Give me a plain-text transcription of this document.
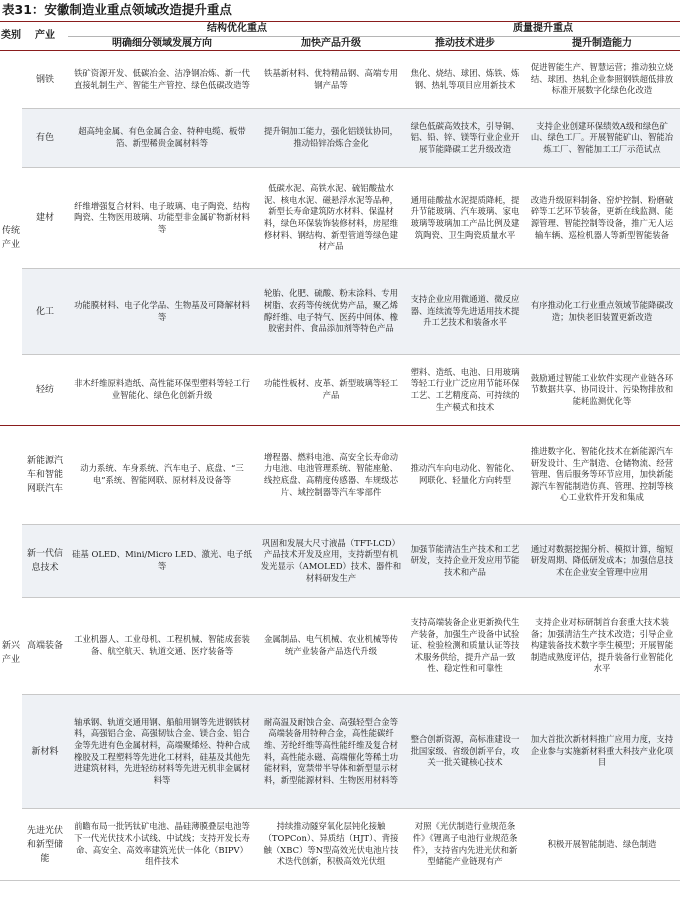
表31：安徽制造业重点领域改造提升重点
类别	产业	结构优化重点		质量提升重点	
		明确细分领域发展方向	加快产品升级	推动技术进步	提升制造能力
传统产业	钢铁	铁矿资源开发、低碳冶金、洁净钢冶炼、新一代直接轧制生产、智能生产管控、绿色低碳改造等	铁基新材料、优特精品钢、高端专用钢产品等	焦化、烧结、球团、炼铁、炼钢、热轧等项目应用新技术	促进智能生产、智慧运营；推动独立烧结、球团、热轧企业参照钢铁超低排放标准开展数字化绿色化改造
	有色	超高纯金属、有色金属合金、特种电缆、板带箔、新型稀贵金属材料等	提升铜加工能力，强化铝镁钛协同，推动铅锌冶炼合金化	绿色低碳高效技术，引导铜、铝、铅、锌、镁等行业企业开展节能降碳工艺升级改造	支持企业创建环保绩效A级和绿色矿山、绿色工厂。开展智能矿山、智能冶炼工厂、智能加工工厂示范试点
	建材	纤维增强复合材料、电子玻璃、电子陶瓷、结构陶瓷、生物医用玻璃、功能型非金属矿物新材料等	低碳水泥、高铁水泥、硫铝酸盐水泥、核电水泥、磁悬浮水泥等品种，新型长寿命建筑防水材料、保温材料，绿色环保装饰装修材料，房屋维修材料、钢结构、新型管道等绿色建材产品	通用硅酸盐水泥提质降耗，提升节能玻璃、汽车玻璃、家电玻璃等玻璃加工产品比例及建筑陶瓷、卫生陶瓷质量水平	改造升级原料制备、窑炉控制、粉磨破碎等工艺环节装备，更新在线监测、能源管理、智能控制等设备，推广无人运输车辆、巡检机器人等新型智能装备
	化工	功能膜材料、电子化学品、生物基及可降解材料等	轮胎、化肥、硫酸、粉末涂料、专用树脂、农药等传统优势产品，聚乙烯醇纤维、电子特气、医药中间体、橡胶密封件、食品添加剂等特色产品	支持企业应用微通道、微反应器、连续流等先进适用技术提升工艺技术和装备水平	有序推动化工行业重点领域节能降碳改造；加快老旧装置更新改造
	轻纺	非木纤维原料造纸、高性能环保型塑料等轻工行业智能化、绿色化创新升级	功能性板材、皮革、新型玻璃等轻工产品	塑料、造纸、电池、日用玻璃等轻工行业广泛应用节能环保工艺、工艺精度高、可持续的生产模式和技术	鼓励通过智能工业软件实现产业链各环节数据共享、协同设计、污染物排放和能耗监测优化等
新兴产业	新能源汽车和智能网联汽车	动力系统、车身系统、汽车电子、底盘、“三电”系统、智能网联、原材料及设备等	增程器、燃料电池、高安全长寿命动力电池、电池管理系统、智能座舱、线控底盘、高精度传感器、车规级芯片、域控制器等汽车零部件	推动汽车向电动化、智能化、网联化、轻量化方向转型	推进数字化、智能化技术在新能源汽车研发设计、生产制造、仓储物流、经营管理、售后服务等环节应用，加快新能源汽车智能制造仿真、管理、控制等核心工业软件开发和集成
	新一代信息技术	硅基 OLED、Mini/Micro LED、激光、电子纸等	巩固和发展大尺寸液晶（TFT-LCD）产品技术开发及应用，支持新型有机发光显示（AMOLED）技术、器件和材料研发生产	加强节能清洁生产技术和工艺研发，支持企业开发应用节能技术和产品	通过对数据挖掘分析、模拟计算，缩短研发周期、降低研发成本；加强信息技术在企业安全管理中应用
	高端装备	工业机器人、工业母机、工程机械、智能成套装备、航空航天、轨道交通、医疗装备等	金属制品、电气机械、农业机械等传统产业装备产品迭代升级	支持高端装备企业更新换代生产装备，加强生产设备中试验证、检验检测和质量认证等技术服务供给，提升产品一致性、稳定性和可靠性	支持企业对标研制首台套重大技术装备；加强清洁生产技术改造；引导企业构建装备技术数字孪生模型；开展智能制造成熟度评估，提升装备行业智能化水平
	新材料	轴承钢、轨道交通用钢、船舶用钢等先进钢铁材料，高强铝合金、高强韧钛合金、镁合金、铝合金等先进有色金属材料，高端聚烯烃、特种合成橡胶及工程塑料等先进化工材料，硅基及其他先进建筑材料，先进轻纺材料等先进无机非金属材料等	耐高温及耐蚀合金、高强轻型合金等高端装备用特种合金，高性能碳纤维、芳纶纤维等高性能纤维及复合材料，高性能永磁、高端催化等稀土功能材料，宽禁带半导体和新型显示材料，新型能源材料、生物医用材料等	整合创新资源，高标准建设一批国家级、省级创新平台，攻关一批关键核心技术	加大首批次新材料推广应用力度，支持企业参与实施新材料重大科技产业化项目
	先进光伏和新型储能	前瞻布局一批钙钛矿电池、晶硅薄膜叠层电池等下一代光伏技术小试线、中试线；支持开发长寿命、高安全、高效率建筑光伏一体化（BIPV）组件技术	持续推动隧穿氧化层钝化接触（TOPCon）、异质结（HJT）、背接触（XBC）等N型高效光伏电池片技术迭代创新，积极高效光伏组	对照《光伏制造行业规范条件》《锂离子电池行业规范条件》，支持省内先进光伏和新型储能产业链现有产	积极开展智能制造、绿色制造
